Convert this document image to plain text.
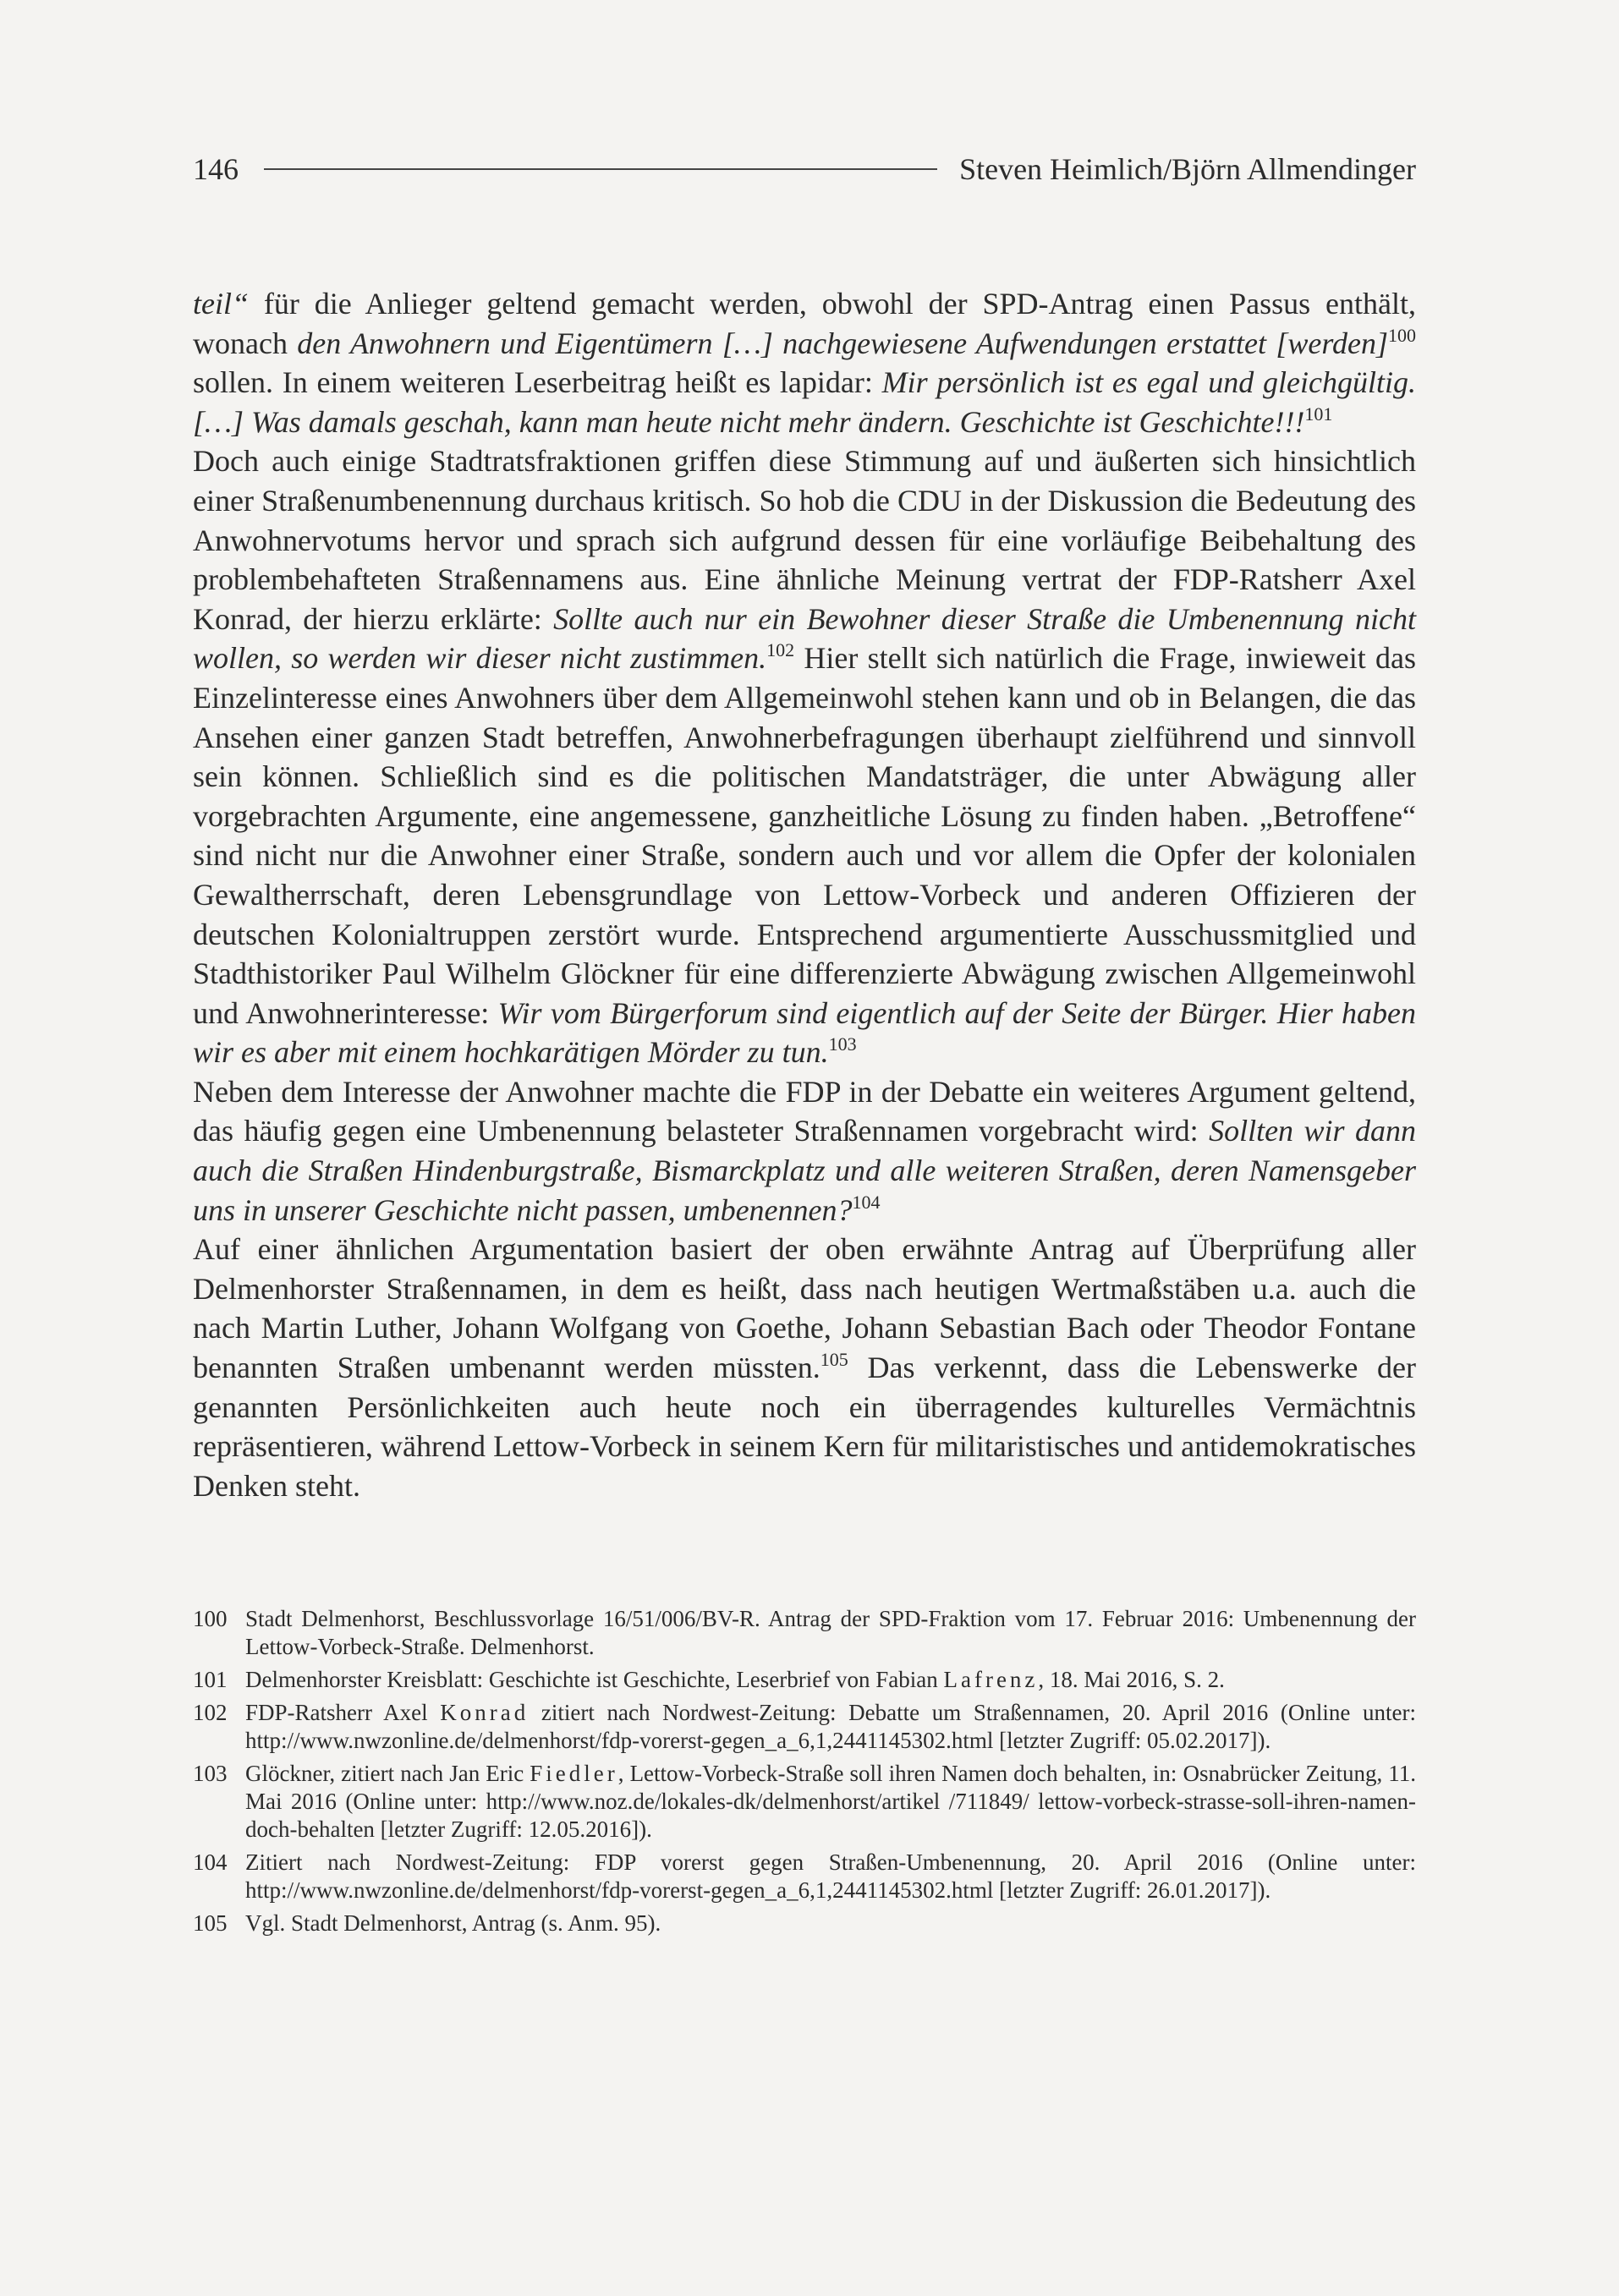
146	Steven Heimlich/Björn Allmendinger

teil“ für die Anlieger geltend gemacht werden, obwohl der SPD-Antrag einen Passus enthält, wonach den Anwohnern und Eigentümern […] nachgewiesene Aufwendungen erstattet [werden]$^{100}$ sollen. In einem weiteren Leserbeitrag heißt es lapidar: Mir persönlich ist es egal und gleichgültig. […] Was damals geschah, kann man heute nicht mehr ändern. Geschichte ist Geschichte!!!$^{101}$

Doch auch einige Stadtratsfraktionen griffen diese Stimmung auf und äußerten sich hinsichtlich einer Straßenumbenennung durchaus kritisch. So hob die CDU in der Diskussion die Bedeutung des Anwohnervotums hervor und sprach sich aufgrund dessen für eine vorläufige Beibehaltung des problembehafteten Straßennamens aus. Eine ähnliche Meinung vertrat der FDP-Ratsherr Axel Konrad, der hierzu erklärte: Sollte auch nur ein Bewohner dieser Straße die Umbenennung nicht wollen, so werden wir dieser nicht zustimmen.$^{102}$ Hier stellt sich natürlich die Frage, inwieweit das Einzelinteresse eines Anwohners über dem Allgemeinwohl stehen kann und ob in Belangen, die das Ansehen einer ganzen Stadt betreffen, Anwohnerbefragungen überhaupt zielführend und sinnvoll sein können. Schließlich sind es die politischen Mandatsträger, die unter Abwägung aller vorgebrachten Argumente, eine angemessene, ganzheitliche Lösung zu finden haben. „Betroffene“ sind nicht nur die Anwohner einer Straße, sondern auch und vor allem die Opfer der kolonialen Gewaltherrschaft, deren Lebensgrundlage von Lettow-Vorbeck und anderen Offizieren der deutschen Kolonialtruppen zerstört wurde. Entsprechend argumentierte Ausschussmitglied und Stadthistoriker Paul Wilhelm Glöckner für eine differenzierte Abwägung zwischen Allgemeinwohl und Anwohnerinteresse: Wir vom Bürgerforum sind eigentlich auf der Seite der Bürger. Hier haben wir es aber mit einem hochkarätigen Mörder zu tun.$^{103}$

Neben dem Interesse der Anwohner machte die FDP in der Debatte ein weiteres Argument geltend, das häufig gegen eine Umbenennung belasteter Straßennamen vorgebracht wird: Sollten wir dann auch die Straßen Hindenburgstraße, Bismarckplatz und alle weiteren Straßen, deren Namensgeber uns in unserer Geschichte nicht passen, umbenennen?$^{104}$

Auf einer ähnlichen Argumentation basiert der oben erwähnte Antrag auf Überprüfung aller Delmenhorster Straßennamen, in dem es heißt, dass nach heutigen Wertmaßstäben u.a. auch die nach Martin Luther, Johann Wolfgang von Goethe, Johann Sebastian Bach oder Theodor Fontane benannten Straßen umbenannt werden müssten.$^{105}$ Das verkennt, dass die Lebenswerke der genannten Persönlichkeiten auch heute noch ein überragendes kulturelles Vermächtnis repräsentieren, während Lettow-Vorbeck in seinem Kern für militaristisches und antidemokratisches Denken steht.

100 Stadt Delmenhorst, Beschlussvorlage 16/51/006/BV-R. Antrag der SPD-Fraktion vom 17. Februar 2016: Umbenennung der Lettow-Vorbeck-Straße. Delmenhorst.
101 Delmenhorster Kreisblatt: Geschichte ist Geschichte, Leserbrief von Fabian Lafrenz, 18. Mai 2016, S. 2.
102 FDP-Ratsherr Axel Konrad zitiert nach Nordwest-Zeitung: Debatte um Straßennamen, 20. April 2016 (Online unter: http://www.nwzonline.de/delmenhorst/fdp-vorerst-gegen_a_6,1,2441145302.html [letzter Zugriff: 05.02.2017]).
103 Glöckner, zitiert nach Jan Eric Fiedler, Lettow-Vorbeck-Straße soll ihren Namen doch behalten, in: Osnabrücker Zeitung, 11. Mai 2016 (Online unter: http://www.noz.de/lokales-dk/delmenhorst/artikel /711849/ lettow-vorbeck-strasse-soll-ihren-namen-doch-behalten [letzter Zugriff: 12.05.2016]).
104 Zitiert nach Nordwest-Zeitung: FDP vorerst gegen Straßen-Umbenennung, 20. April 2016 (Online unter: http://www.nwzonline.de/delmenhorst/fdp-vorerst-gegen_a_6,1,2441145302.html [letzter Zugriff: 26.01.2017]).
105 Vgl. Stadt Delmenhorst, Antrag (s. Anm. 95).
